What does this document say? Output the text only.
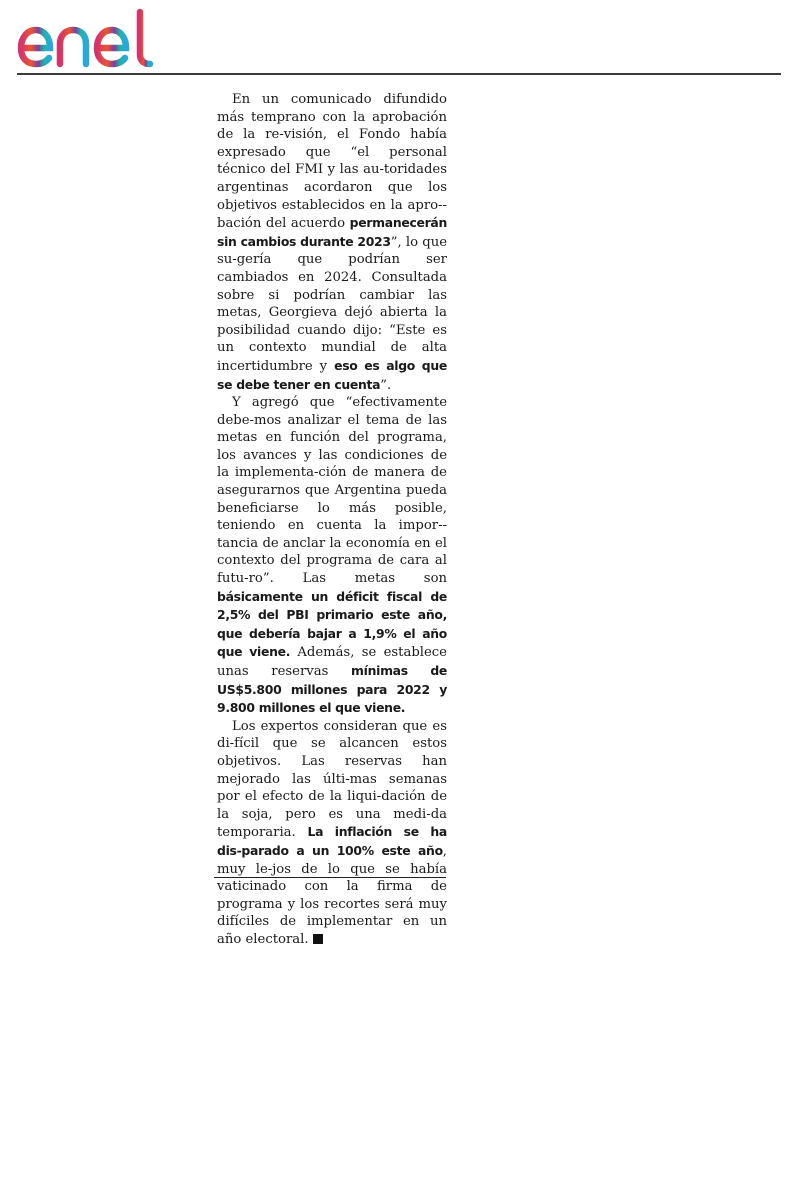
En un comunicado difundido más temprano con la aprobación de la re-visión, el Fondo había expresado que “el personal técnico del FMI y las au-toridades argentinas acordaron que los objetivos establecidos en la apro-bación del acuerdo permanecerán sin cambios durante 2023”, lo que su-gería que podrían ser cambiados en 2024. Consultada sobre si podrían cambiar las metas, Georgieva dejó abierta la posibilidad cuando dijo: “Este es un contexto mundial de alta incertidumbre y eso es algo que se debe tener en cuenta”.

Y agregó que “efectivamente debe-mos analizar el tema de las metas en función del programa, los avances y las condiciones de la implementa-ción de manera de asegurarnos que Argentina pueda beneficiarse lo más posible, teniendo en cuenta la impor-tancia de anclar la economía en el contexto del programa de cara al futu-ro”. Las metas son básicamente un déficit fiscal de 2,5% del PBI primario este año, que debería bajar a 1,9% el año que viene. Además, se establece unas reservas mínimas de US$5.800 millones para 2022 y 9.800 millones el que viene.

Los expertos consideran que es di-fícil que se alcancen estos objetivos. Las reservas han mejorado las últi-mas semanas por el efecto de la liqui-dación de la soja, pero es una medi-da temporaria. La inflación se ha dis-parado a un 100% este año, muy le-jos de lo que se había vaticinado con la firma de programa y los recortes será muy difíciles de implementar en un año electoral.
